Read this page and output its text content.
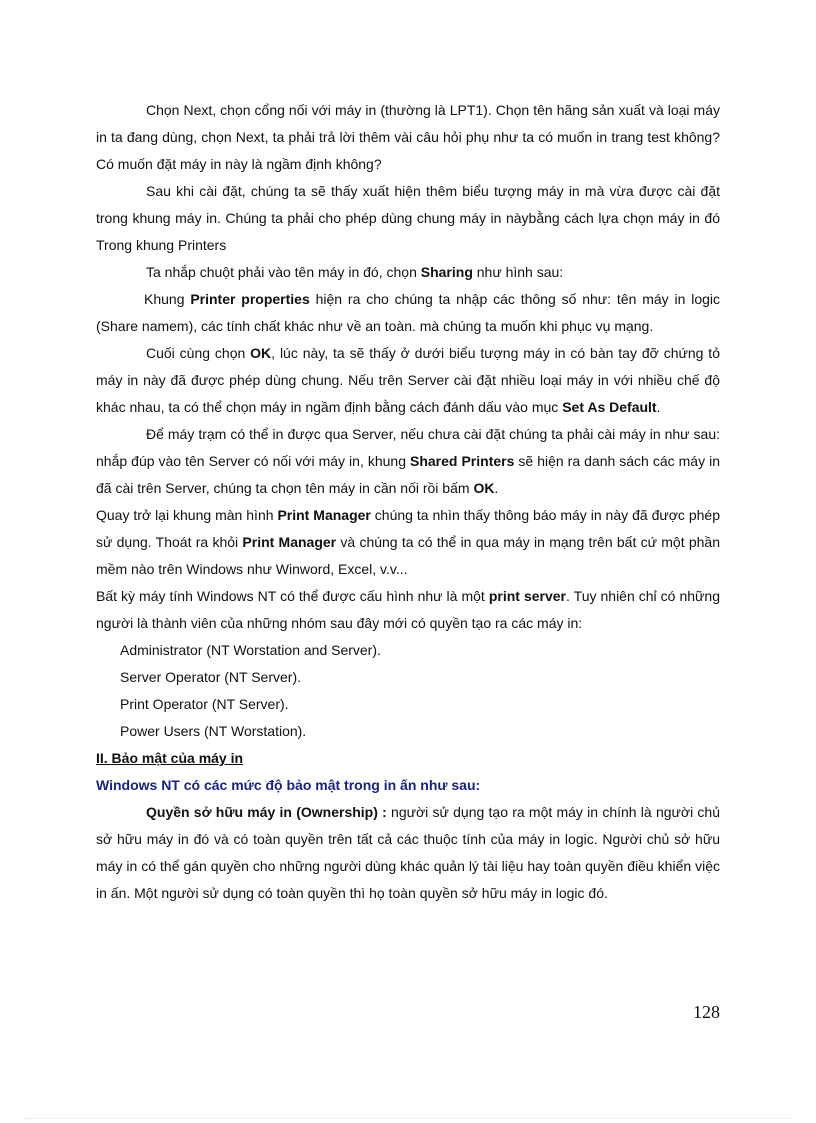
Chọn Next, chọn cổng nối với máy in (thường là LPT1). Chọn tên hãng sản xuất và loại máy in ta đang dùng, chọn Next, ta phải trả lời thêm vài câu hỏi phụ như ta có muốn in trang test không? Có muốn đặt máy in này là ngầm định không?

Sau khi cài đặt, chúng ta sẽ thấy xuất hiện thêm biểu tượng máy in mà vừa được cài đặt trong khung máy in. Chúng ta phải cho phép dùng chung máy in nàybằng cách lựa chọn máy in đó Trong khung Printers

Ta nhắp chuột phải vào tên máy in đó, chọn Sharing như hình sau:

Khung Printer properties hiện ra cho chúng ta nhập các thông số như: tên máy in logic (Share namem), các tính chất khác như về an toàn. mà chúng ta muốn khi phục vụ mạng.

Cuối cùng chọn OK, lúc này, ta sẽ thấy ở dưới biểu tượng máy in có bàn tay đỡ chứng tỏ máy in này đã được phép dùng chung. Nếu trên Server cài đặt nhiều loại máy in với nhiều chế độ khác nhau, ta có thể chọn máy in ngầm định bằng cách đánh dấu vào mục Set As Default.

Để máy trạm có thể in được qua Server, nếu chưa cài đặt chúng ta phải cài máy in như sau: nhắp đúp vào tên Server có nối với máy in, khung Shared Printers sẽ hiện ra danh sách các máy in đã cài trên Server, chúng ta chọn tên máy in cần nối rồi bấm OK.

Quay trở lại khung màn hình Print Manager chúng ta nhìn thấy thông báo máy in này đã được phép sử dụng. Thoát ra khỏi Print Manager và chúng ta có thể in qua máy in mạng trên bất cứ một phần mềm nào trên Windows như Winword, Excel, v.v...

Bất kỳ máy tính Windows NT có thể được cấu hình như là một print server. Tuy nhiên chỉ có những người là thành viên của những nhóm sau đây mới có quyền tạo ra các máy in:

Administrator (NT Worstation and Server).

Server Operator (NT Server).

Print Operator (NT Server).

Power Users (NT Worstation).

II. Bảo mật của máy in

Windows NT có các mức độ bảo mật trong in ấn như sau:

Quyền sở hữu máy in (Ownership) : người sử dụng tạo ra một máy in chính là người chủ sở hữu máy in đó và có toàn quyền trên tất cả các thuộc tính của máy in logic. Người chủ sở hữu máy in có thể gán quyền cho những người dùng khác quản lý tài liệu hay toàn quyền điều khiển việc in ấn. Một người sử dụng có toàn quyền thì họ toàn quyền sở hữu máy in logic đó.

128
